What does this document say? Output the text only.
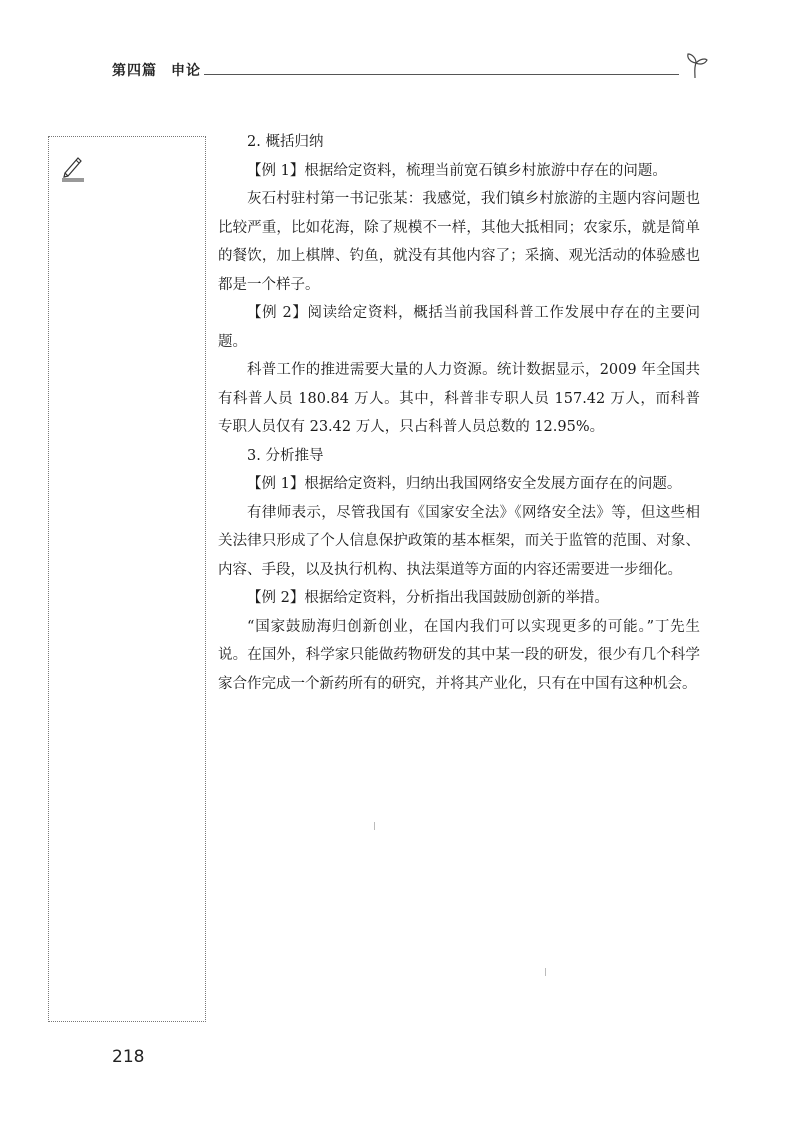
第四篇 申论

2. 概括归纳

【例 1】根据给定资料，梳理当前宽石镇乡村旅游中存在的问题。

灰石村驻村第一书记张某：我感觉，我们镇乡村旅游的主题内容问题也比较严重，比如花海，除了规模不一样，其他大抵相同；农家乐，就是简单的餐饮，加上棋牌、钓鱼，就没有其他内容了；采摘、观光活动的体验感也都是一个样子。

【例 2】阅读给定资料，概括当前我国科普工作发展中存在的主要问题。

科普工作的推进需要大量的人力资源。统计数据显示，2009 年全国共有科普人员 180.84 万人。其中，科普非专职人员 157.42 万人，而科普专职人员仅有 23.42 万人，只占科普人员总数的 12.95%。

3. 分析推导

【例 1】根据给定资料，归纳出我国网络安全发展方面存在的问题。

有律师表示，尽管我国有《国家安全法》《网络安全法》等，但这些相关法律只形成了个人信息保护政策的基本框架，而关于监管的范围、对象、内容、手段，以及执行机构、执法渠道等方面的内容还需要进一步细化。

【例 2】根据给定资料，分析指出我国鼓励创新的举措。

“国家鼓励海归创新创业，在国内我们可以实现更多的可能。”丁先生说。在国外，科学家只能做药物研发的其中某一段的研发，很少有几个科学家合作完成一个新药所有的研究，并将其产业化，只有在中国有这种机会。

218
